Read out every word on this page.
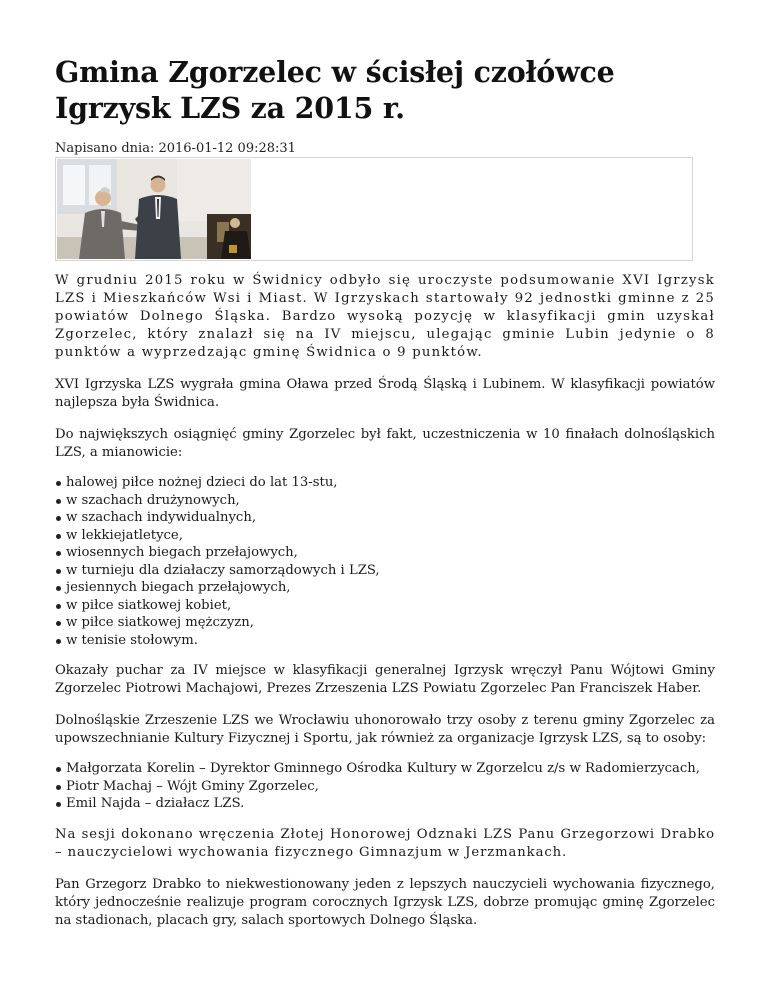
Gmina Zgorzelec w ścisłej czołówce Igrzysk LZS za 2015 r.
Napisano dnia: 2016-01-12 09:28:31

W grudniu 2015 roku w Świdnicy odbyło się uroczyste podsumowanie XVI Igrzysk LZS i Mieszkańców Wsi i Miast. W Igrzyskach startowały 92 jednostki gminne z 25 powiatów Dolnego Śląska. Bardzo wysoką pozycję w klasyfikacji gmin uzyskał Zgorzelec, który znalazł się na IV miejscu, ulegając gminie Lubin jedynie o 8 punktów a wyprzedzając gminę Świdnica o 9 punktów.

XVI Igrzyska LZS wygrała gmina Oława przed Środą Śląską i Lubinem. W klasyfikacji powiatów najlepsza była Świdnica.

Do największych osiągnięć gminy Zgorzelec był fakt, uczestniczenia w 10 finałach dolnośląskich LZS, a mianowicie:

halowej piłce nożnej dzieci do lat 13-stu,
w szachach drużynowych,
w szachach indywidualnych,
w lekkiejatletyce,
wiosennych biegach przełajowych,
w turnieju dla działaczy samorządowych i LZS,
jesiennych biegach przełajowych,
w piłce siatkowej kobiet,
w piłce siatkowej mężczyzn,
w tenisie stołowym.

Okazały puchar za IV miejsce w klasyfikacji generalnej Igrzysk wręczył Panu Wójtowi Gminy Zgorzelec Piotrowi Machajowi, Prezes Zrzeszenia LZS Powiatu Zgorzelec Pan Franciszek Haber.

Dolnośląskie Zrzeszenie LZS we Wrocławiu uhonorowało trzy osoby z terenu gminy Zgorzelec za upowszechnianie Kultury Fizycznej i Sportu, jak również za organizacje Igrzysk LZS, są to osoby:

Małgorzata Korelin – Dyrektor Gminnego Ośrodka Kultury w Zgorzelcu z/s w Radomierzycach,
Piotr Machaj – Wójt Gminy Zgorzelec,
Emil Najda – działacz LZS.

Na sesji dokonano wręczenia Złotej Honorowej Odznaki LZS Panu Grzegorzowi Drabko – nauczycielowi wychowania fizycznego Gimnazjum w Jerzmankach.

Pan Grzegorz Drabko to niekwestionowany jeden z lepszych nauczycieli wychowania fizycznego, który jednocześnie realizuje program corocznych Igrzysk LZS, dobrze promując gminę Zgorzelec na stadionach, placach gry, salach sportowych Dolnego Śląska.
